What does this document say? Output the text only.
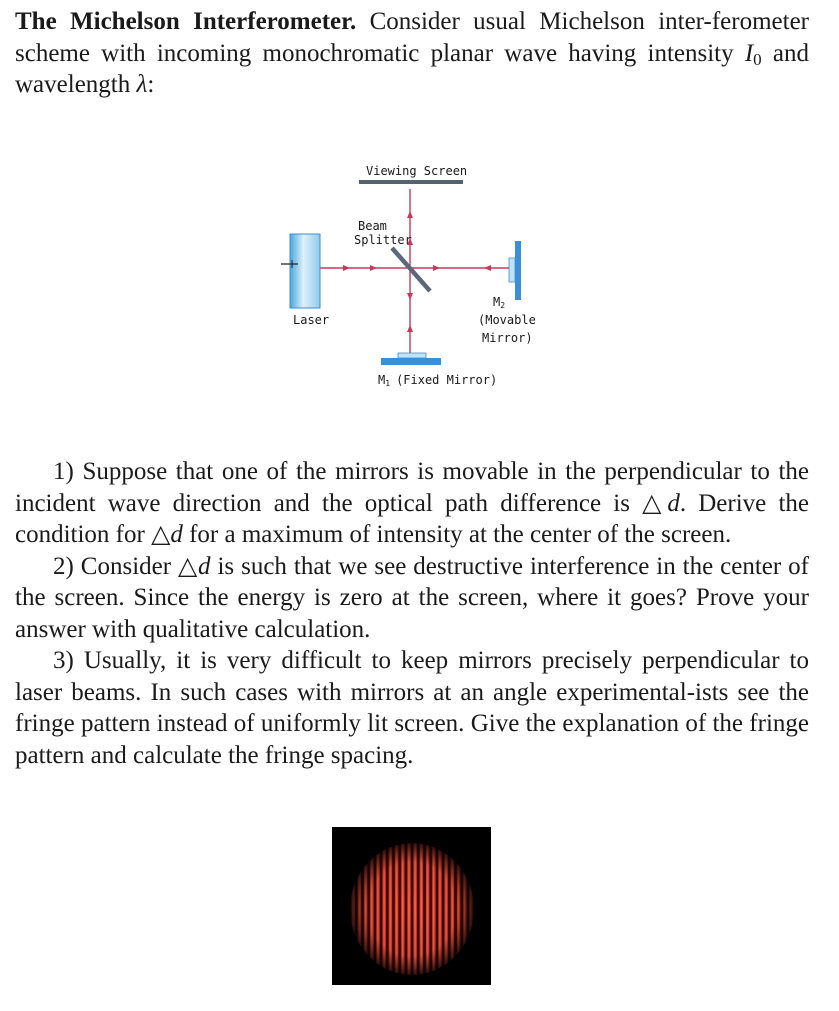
The Michelson Interferometer. Consider usual Michelson inter-ferometer scheme with incoming monochromatic planar wave having intensity $I_0$ and wavelength λ:
Viewing Screen
Laser
Beam
Splitter
M2
(Movable
Mirror)
M1 (Fixed Mirror)

1) Suppose that one of the mirrors is movable in the perpendicular to the incident wave direction and the optical path difference is △d. Derive the condition for △d for a maximum of intensity at the center of the screen.

2) Consider △d is such that we see destructive interference in the center of the screen. Since the energy is zero at the screen, where it goes? Prove your answer with qualitative calculation.

3) Usually, it is very difficult to keep mirrors precisely perpendicular to laser beams. In such cases with mirrors at an angle experimental-ists see the fringe pattern instead of uniformly lit screen. Give the explanation of the fringe pattern and calculate the fringe spacing.
